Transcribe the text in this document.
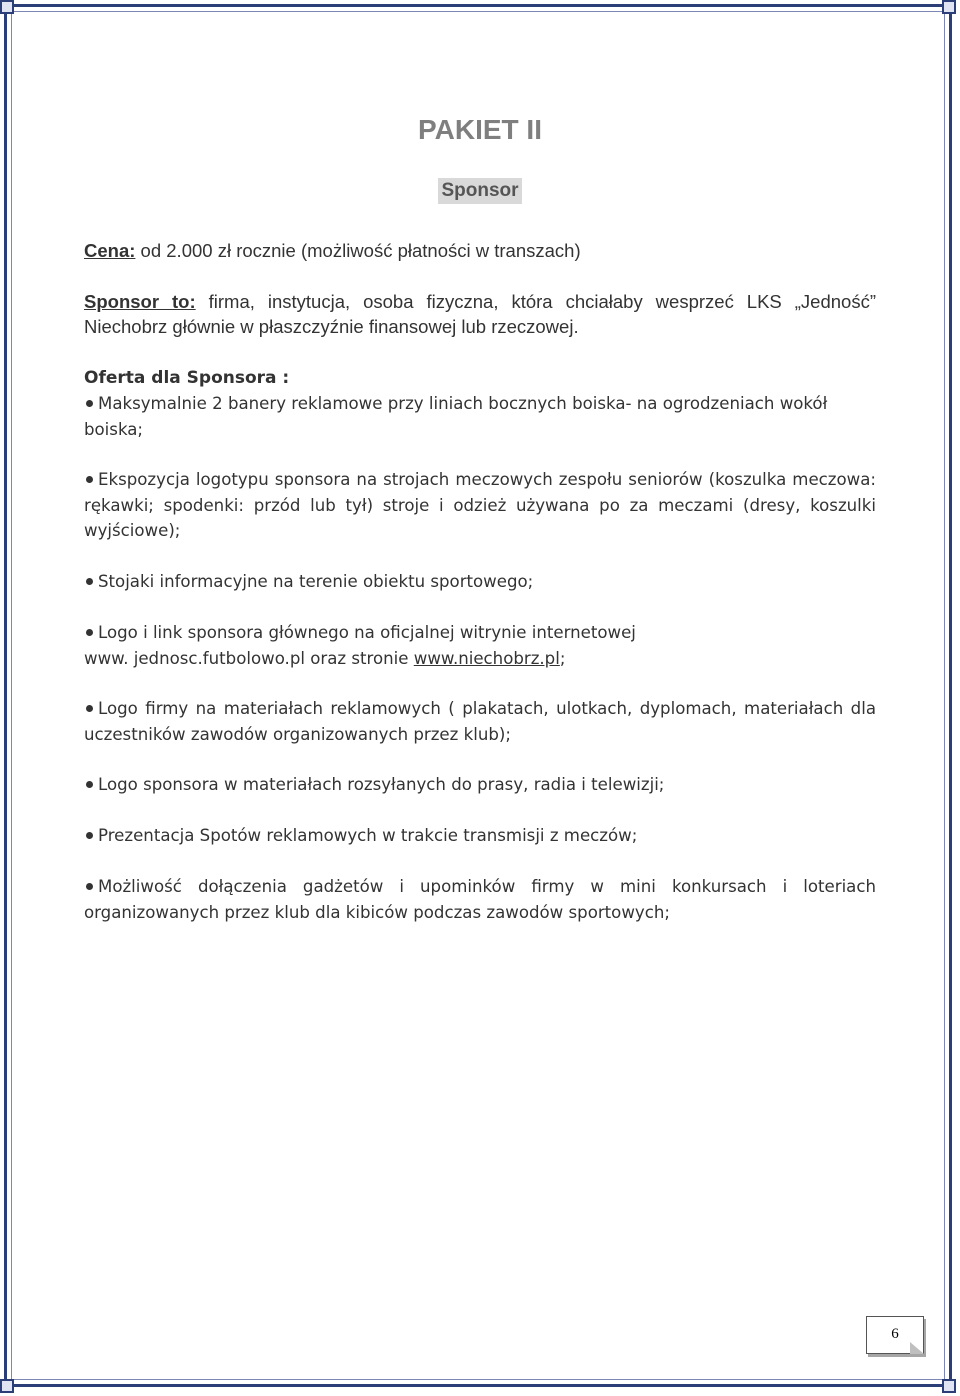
PAKIET II
Sponsor
Cena: od 2.000 zł rocznie (możliwość płatności w transzach)
Sponsor to: firma, instytucja, osoba fizyczna, która chciałaby wesprzeć LKS „Jedność” Niechobrz głównie w płaszczyźnie finansowej lub rzeczowej.
Oferta dla Sponsora :
Maksymalnie 2 banery reklamowe przy liniach bocznych boiska- na ogrodzeniach wokół boiska;
Ekspozycja logotypu sponsora na strojach meczowych zespołu seniorów (koszulka meczowa: rękawki; spodenki: przód lub tył) stroje i odzież używana po za meczami (dresy, koszulki wyjściowe);
Stojaki informacyjne na terenie obiektu sportowego;
Logo i link sponsora głównego na oficjalnej witrynie internetowej
www. jednosc.futbolowo.pl oraz stronie www.niechobrz.pl;
Logo firmy na materiałach reklamowych ( plakatach, ulotkach, dyplomach, materiałach dla uczestników zawodów organizowanych przez klub);
Logo sponsora w materiałach rozsyłanych do prasy, radia i telewizji;
Prezentacja Spotów reklamowych w trakcie transmisji z meczów;
Możliwość dołączenia gadżetów i upominków firmy w mini konkursach i loteriach organizowanych przez klub dla kibiców podczas zawodów sportowych;
6
